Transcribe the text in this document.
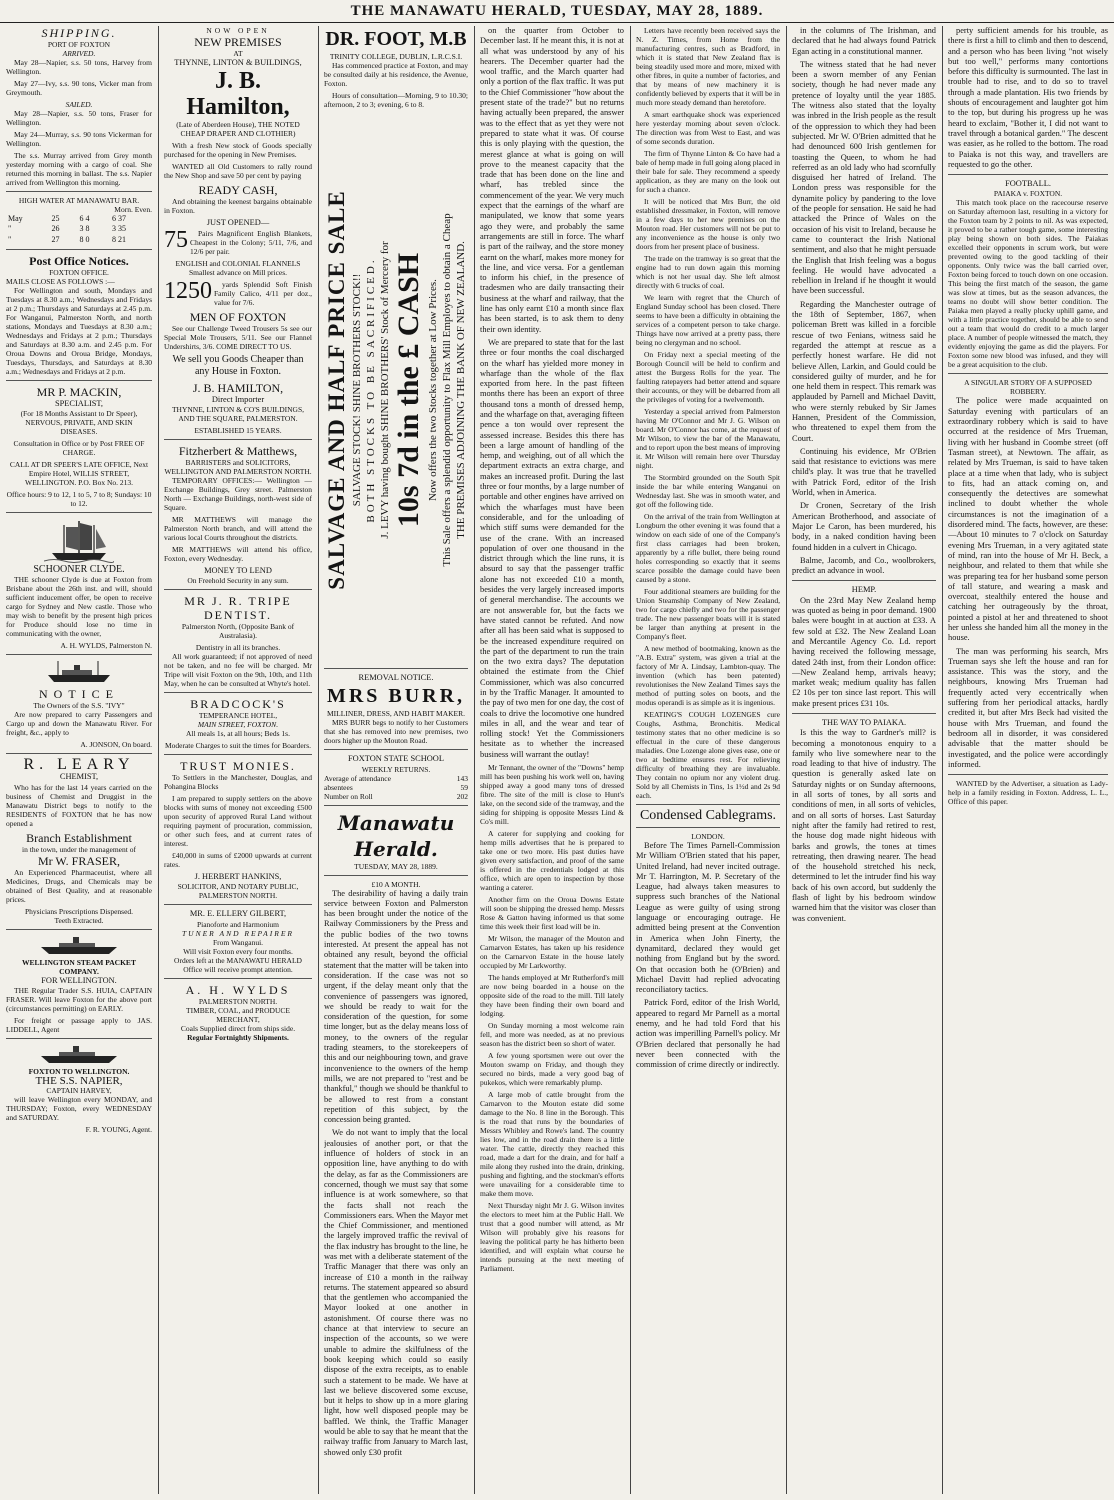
THE MANAWATU HERALD, TUESDAY, MAY 28, 1889.
SHIPPING.
PORT OF FOXTON
ARRIVED.

May 28—Napier, s.s. 50 tons, Harvey from Wellington.

May 27—Ivy, s.s. 90 tons, Vicker man from Greymouth.

SAILED.

May 28—Napier, s.s. 50 tons, Fraser for Wellington.

May 24—Murray, s.s. 90 tons Vickerman for Wellington.

The s.s. Murray arrived from Grey month yesterday morning with a cargo of coal. She returned this morning in ballast. The s.s. Napier arrived from Wellington this morning.

HIGH WATER AT MANAWATU BAR.
Morn. Even.
May	25	6 4	6 37
"	26	3 8	3 35
"	27	8 0	8 21
Post Office Notices.
FOXTON OFFICE.
MAILS CLOSE AS FOLLOWS :—

For Wellington and south, Mondays and Tuesdays at 8.30 a.m.; Wednesdays and Fridays at 2 p.m.; Thursdays and Saturdays at 2.45 p.m. For Wanganui, Palmerston North, and north stations, Mondays and Tuesdays at 8.30 a.m.; Wednesdays and Fridays at 2 p.m.; Thursdays and Saturdays at 8.30 a.m. and 2.45 p.m. For Oroua Downs and Oroua Bridge, Mondays, Tuesdays, Thursdays, and Saturdays at 8.30 a.m.; Wednesdays and Fridays at 2 p.m.

MR P. MACKIN,
SPECIALIST,

(For 18 Months Assistant to Dr Speer), NERVOUS, PRIVATE, AND SKIN DISEASES.

Consultation in Office or by Post FREE OF CHARGE.

CALL AT DR SPEER'S LATE OFFICE, Next Empire Hotel, WILLIS STREET, WELLINGTON. P.O. Box No. 213.

Office hours: 9 to 12, 1 to 5, 7 to 8; Sundays: 10 to 12.

SCHOONER CLYDE.

THE schooner Clyde is due at Foxton from Brisbane about the 26th inst. and will, should sufficient inducement offer, be open to receive cargo for Sydney and New castle. Those who may wish to benefit by the present high prices for Produce should lose no time in communicating with the owner,

A. H. WYLDS, Palmerston N.
NOTICE
The Owners of the S.S. "IVY"

Are now prepared to carry Passengers and Cargo up and down the Manawatu River. For freight, &c., apply to

A. JONSON, On board.
R. LEARY
CHEMIST,

Who has for the last 14 years carried on the business of Chemist and Druggist in the Manawatu District begs to notify to the RESIDENTS of FOXTON that he has now opened a

Branch Establishment
in the town, under the management of
Mr W. FRASER,

An Experienced Pharmaceutist, where all Medicines, Drugs, and Chemicals may be obtained of Best Quality, and at reasonable prices.

Physicians Prescriptions Dispensed.
Teeth Extracted.
WELLINGTON STEAM PACKET COMPANY.
FOR WELLINGTON.

THE Regular Trader S.S. HUIA, CAPTAIN FRASER. Will leave Foxton for the above port (circumstances permitting) on EARLY.

For freight or passage apply to JAS. LIDDELL, Agent

FOXTON TO WELLINGTON.
THE S.S. NAPIER,
CAPTAIN HARVEY,

will leave Wellington every MONDAY, and THURSDAY; Foxton, every WEDNESDAY and SATURDAY.

F. R. YOUNG, Agent.
NOW OPEN
NEW PREMISES
AT
THYNNE, LINTON & BUILDINGS,
J. B. Hamilton,

(Late of Aberdeen House), THE NOTED CHEAP DRAPER AND CLOTHIER)

With a fresh New stock of Goods specially purchased for the opening in New Premises.

WANTED all Old Customers to rally round the New Shop and save 50 per cent by paying

READY CASH,

And obtaining the keenest bargains obtainable in Foxton.

JUST OPENED—
75	Pairs Magnificent English Blankets, Cheapest in the Colony; 5/11, 7/6, and 12/6 per pair.

ENGLISH and COLONIAL FLANNELS Smallest advance on Mill prices.

1250	yards Splendid Soft Finish Family Calico, 4/11 per doz., value for 7/6.

MEN OF FOXTON

See our Challenge Tweed Trousers 5s see our Special Mole Trousers, 5/11. See our Flannel Undershirts, 3/6. COME DIRECT TO US.

We sell you Goods Cheaper than any House in Foxton.

J. B. HAMILTON,
Direct Importer

THYNNE, LINTON & CO'S BUILDINGS, AND THE SQUARE, PALMERSTON.

ESTABLISHED 15 YEARS.
Fitzherbert & Matthews,
BARRISTERS and SOLICITORS,
WELLINGTON AND PALMERSTON NORTH.

TEMPORARY OFFICES:— Wellington — Exchange Buildings, Grey street. Palmerston North — Exchange Buildings, north-west side of Square.

MR MATTHEWS will manage the Palmerston North branch, and will attend the various local Courts throughout the districts.

MR MATTHEWS will attend his office, Foxton, every Wednesday.

MONEY TO LEND
On Freehold Security in any sum.
MR J. R. TRIPE
DENTIST.

Palmerston North, (Opposite Bank of Australasia).

Dentistry in all its branches.

All work guaranteed; if not approved of need not be taken, and no fee will be charged. Mr Tripe will visit Foxton on the 9th, 10th, and 11th May, when he can be consulted at Whyte's hotel.

BRADCOCK'S
TEMPERANCE HOTEL,
MAIN STREET, FOXTON.

All meals 1s, at all hours; Beds 1s.

Moderate Charges to suit the times for Boarders.

TRUST MONIES.

To Settlers in the Manchester, Douglas, and Pohangina Blocks

I am prepared to supply settlers on the above blocks with sums of money not exceeding £500 upon security of approved Rural Land without requiring payment of procuration, commission, or other such fees, and at current rates of interest.

£40,000 in sums of £2000 upwards at current rates.

J. HERBERT HANKINS,
SOLICITOR, AND NOTARY PUBLIC, PALMERSTON NORTH.
MR. E. ELLERY GILBERT,
Pianoforte and Harmonium
TUNER AND REPAIRER
From Wanganui.
Will visit Foxton every four months.

Orders left at the MANAWATU HERALD Office will receive prompt attention.

A. H. WYLDS
PALMERSTON NORTH.
TIMBER, COAL, and PRODUCE MERCHANT,
Coals Supplied direct from ships side.
Regular Fortnightly Shipments.
DR. FOOT, M.B
TRINITY COLLEGE, DUBLIN, L.R.C.S.I.

Has commenced practice at Foxton, and may be consulted daily at his residence, the Avenue, Foxton.

Hours of consultation—Morning, 9 to 10.30; afternoon, 2 to 3; evening, 6 to 8.

SALVAGE AND HALF PRICE SALE SALVAGE STOCK! SHINE BROTHERS STOCK!! BOTH STOCKS TO BE SACRIFICED. J. LEVY having bought SHINE BROTHERS' Stock of Mercery for 10s 7d in the £ CASH Now offers the two Stocks together at Low Prices. This Sale offers a splendid opportunity to Flax Mill Employes to obtain a Cheap THE PREMISES ADJOINING THE BANK OF NEW ZEALAND.
REMOVAL NOTICE.
MRS BURR,
MILLINER, DRESS, AND HABIT MAKER.

MRS BURR begs to notify to her Customers that she has removed into new premises, two doors higher up the Mouton Road.

FOXTON STATE SCHOOL
WEEKLY RETURNS.
Average of attendance	143
absentees	59
Number on Roll	202
Manawatu Herald.
TUESDAY, MAY 28, 1889.
£10 A MONTH.

The desirability of having a daily train service between Foxton and Palmerston has been brought under the notice of the Railway Commissioners by the Press and the public bodies of the two towns interested. At present the appeal has not obtained any result, beyond the official statement that the matter will be taken into consideration. If the case was not so urgent, if the delay meant only that the convenience of passengers was ignored, we should be ready to wait for the consideration of the question, for some time longer, but as the delay means loss of money, to the owners of the regular trading steamers, to the storekeepers of this and our neighbouring town, and grave inconvenience to the owners of the hemp mills, we are not prepared to "rest and be thankful," though we should be thankful to be allowed to rest from a constant repetition of this subject, by the concession being granted.

We do not want to imply that the local jealousies of another port, or that the influence of holders of stock in an opposition line, have anything to do with the delay, as far as the Commissioners are concerned, though we must say that some influence is at work somewhere, so that the facts shall not reach the Commissioners ears. When the Mayor met the Chief Commissioner, and mentioned the largely improved traffic the revival of the flax industry has brought to the line, he was met with a deliberate statement of the Traffic Manager that there was only an increase of £10 a month in the railway returns. The statement appeared so absurd that the gentlemen who accompanied the Mayor looked at one another in astonishment. Of course there was no chance at that interview to secure an inspection of the accounts, so we were unable to admire the skilfulness of the book keeping which could so easily dispose of the extra receipts, as to enable such a statement to be made. We have at last we believe discovered some excuse, but it helps to show up in a more glaring light, how well disposed people may be baffled. We think, the Traffic Manager would be able to say that he meant that the railway traffic from January to March last, showed only £30 profit

on the quarter from October to December last. If he meant this, it is not at all what was understood by any of his hearers. The December quarter had the wool traffic, and the March quarter had only a portion of the flax traffic. It was put to the Chief Commissioner "how about the present state of the trade?" but no returns having actually been prepared, the answer was to the effect that as yet they were not prepared to state what it was. Of course this is only playing with the question, the merest glance at what is going on will prove to the meanest capacity that the trade that has been done on the line and wharf, has trebled since the commencement of the year. We very much expect that the earnings of the wharf are manipulated, we know that some years ago they were, and probably the same arrangements are still in force. The wharf is part of the railway, and the store money earnt on the wharf, makes more money for the line, and vice versa. For a gentleman to inform his chief, in the presence of tradesmen who are daily transacting their business at the wharf and railway, that the line has only earnt £10 a month since flax has been started, is to ask them to deny their own identity.

We are prepared to state that for the last three or four months the coal discharged on the wharf has yielded more money in wharfage than the whole of the flax exported from here. In the past fifteen months there has been an export of three thousand tons a month of dressed hemp, and the wharfage on that, averaging fifteen pence a ton would over represent the assessed increase. Besides this there has been a large amount of handling of the hemp, and weighing, out of all which the department extracts an extra charge, and makes an increased profit. During the last three or four months, by a large number of portable and other engines have arrived on which the wharfages must have been considerable, and for the unloading of which stiff sums were demanded for the use of the crane. With an increased population of over one thousand in the district through which the line runs, it is absurd to say that the passenger traffic alone has not exceeded £10 a month, besides the very largely increased imports of general merchandise. The accounts we are not answerable for, but the facts we have stated cannot be refuted. And now after all has been said what is supposed to be the increased expenditure required on the part of the department to run the train on the two extra days? The deputation obtained the estimate from the Chief Commissioner, which was also concurred in by the Traffic Manager. It amounted to the pay of two men for one day, the cost of coals to drive the locomotive one hundred miles in all, and the wear and tear of rolling stock! Yet the Commissioners hesitate as to whether the increased business will warrant the outlay!

Mr Tennant, the owner of the "Downs" hemp mill has been pushing his work well on, having shipped away a good many tons of dressed fibre. The site of the mill is close to Hunt's lake, on the second side of the tramway, and the siding for shipping is opposite Messrs Lind & Co's mill.

A caterer for supplying and cooking for hemp mills advertises that he is prepared to take one or two more. His past duties have given every satisfaction, and proof of the same is offered in the credentials lodged at this office, which are open to inspection by those wanting a caterer.

Another firm on the Oroua Downs Estate will soon be shipping the dressed hemp. Messrs Rose & Gatton having informed us that some time this week their first load will be in.

Mr Wilson, the manager of the Mouton and Carnarvon Estates, has taken up his residence on the Carnarvon Estate in the house lately occupied by Mr Larkworthy.

The hands employed at Mr Rutherford's mill are now being boarded in a house on the opposite side of the road to the mill. Till lately they have been finding their own board and lodging.

On Sunday morning a most welcome rain fell, and more was needed, as at no previous season has the district been so short of water.

A few young sportsmen were out over the Mouton swamp on Friday, and though they secured no birds, made a very good bag of pukekos, which were remarkably plump.

A large mob of cattle brought from the Carnarvon to the Mouton estate did some damage to the No. 8 line in the Borough. This is the road that runs by the boundaries of Messrs Whibley and Rowe's land. The country lies low, and in the road drain there is a little water. The cattle, directly they reached this road, made a dart for the drain, and for half a mile along they rushed into the drain, drinking, pushing and fighting, and the stockman's efforts were unavailing for a considerable time to make them move.

Next Thursday night Mr J. G. Wilson invites the electors to meet him at the Public Hall. We trust that a good number will attend, as Mr Wilson will probably give his reasons for leaving the political party he has hitherto been identified, and will explain what course he intends pursuing at the next meeting of Parliament.

Letters have recently been received says the N. Z. Times, from Home from the manufacturing centres, such as Bradford, in which it is stated that New Zealand flax is being steadily used more and more, mixed with other fibres, in quite a number of factories, and that by means of new machinery it is confidently believed by experts that it will be in much more steady demand than heretofore.

A smart earthquake shock was experienced here yesterday morning about seven o'clock. The direction was from West to East, and was of some seconds duration.

The firm of Thynne Linton & Co have had a bale of hemp made in full going along placed in their bale for sale. They recommend a speedy application, as they are many on the look out for such a chance.

It will be noticed that Mrs Burr, the old established dressmaker, in Foxton, will remove in a few days to her new premises on the Mouton road. Her customers will not be put to any inconvenience as the house is only two doors from her present place of business.

The trade on the tramway is so great that the engine had to run down again this morning which is not her usual day. She left almost directly with 6 trucks of coal.

We learn with regret that the Church of England Sunday school has been closed. There seems to have been a difficulty in obtaining the services of a competent person to take charge. Things have now arrived at a pretty pass, there being no clergyman and no school.

On Friday next a special meeting of the Borough Council will be held to confirm and attest the Burgess Rolls for the year. The faulting ratepayers had better attend and square their accounts, or they will be debarred from all the privileges of voting for a twelvemonth.

Yesterday a special arrived from Palmerston having Mr O'Connor and Mr J. G. Wilson on board. Mr O'Connor has come, at the request of Mr Wilson, to view the bar of the Manawatu, and to report upon the best means of improving it. Mr Wilson will remain here over Thursday night.

The Stormbird grounded on the South Spit inside the bar while entering Wanganui on Wednesday last. She was in smooth water, and got off the following tide.

On the arrival of the train from Wellington at Longburn the other evening it was found that a window on each side of one of the Company's first class carriages had been broken, apparently by a rifle bullet, there being round holes corresponding so exactly that it seems scarce possible the damage could have been caused by a stone.

Four additional steamers are building for the Union Steamship Company of New Zealand, two for cargo chiefly and two for the passenger trade. The new passenger boats will it is stated be larger than anything at present in the Company's fleet.

A new method of bootmaking, known as the "A.B. Extra" system, was given a trial at the factory of Mr A. Lindsay, Lambton-quay. The invention (which has been patented) revolutionises the New Zealand Times says the method of putting soles on boots, and the modus operandi is as simple as it is ingenious.

KEATING'S COUGH LOZENGES cure Coughs, Asthma, Bronchitis. Medical testimony states that no other medicine is so effectual in the cure of these dangerous maladies. One Lozenge alone gives ease, one or two at bedtime ensures rest. For relieving difficulty of breathing they are invaluable. They contain no opium nor any violent drug. Sold by all Chemists in Tins, 1s 1½d and 2s 9d each.

Condensed Cablegrams.
LONDON.

Before The Times Parnell-Commission Mr William O'Brien stated that his paper, United Ireland, had never incited outrage. Mr T. Harrington, M. P. Secretary of the League, had always taken measures to suppress such branches of the National League as were guilty of using strong language or encouraging outrage. He admitted being present at the Convention in America when John Finerty, the dynamitard, declared they would get nothing from England but by the sword. On that occasion both he (O'Brien) and Michael Davitt had replied advocating reconciliatory tactics.

Patrick Ford, editor of the Irish World, appeared to regard Mr Parnell as a mortal enemy, and he had told Ford that his action was imperilling Parnell's policy. Mr O'Brien declared that personally he had never been connected with the commission of crime directly or indirectly.

in the columns of The Irishman, and declared that he had always found Patrick Egan acting in a constitutional manner.

The witness stated that he had never been a sworn member of any Fenian society, though he had never made any pretence of loyalty until the year 1885. The witness also stated that the loyalty was inbred in the Irish people as the result of the oppression to which they had been subjected. Mr W. O'Brien admitted that he had denounced 600 Irish gentlemen for toasting the Queen, to whom he had referred as an old lady who had scornfully disguised her hatred of Ireland. The London press was responsible for the dynamite policy by pandering to the love of the people for sensation. He said he had attacked the Prince of Wales on the occasion of his visit to Ireland, because he came to counteract the Irish National sentiment, and also that he might persuade the English that Irish feeling was a bogus feeling. He would have advocated a rebellion in Ireland if he thought it would have been successful.

Regarding the Manchester outrage of the 18th of September, 1867, when policeman Brett was killed in a forcible rescue of two Fenians, witness said he regarded the attempt at rescue as a perfectly honest warfare. He did not believe Allen, Larkin, and Gould could be considered guilty of murder, and he for one held them in respect. This remark was applauded by Parnell and Michael Davitt, who were sternly rebuked by Sir James Hannen, President of the Commission, who threatened to expel them from the Court.

Continuing his evidence, Mr O'Brien said that resistance to evictions was mere child's play. It was true that he travelled with Patrick Ford, editor of the Irish World, when in America.

Dr Cronen, Secretary of the Irish American Brotherhood, and associate of Major Le Caron, has been murdered, his body, in a naked condition having been found hidden in a culvert in Chicago.

Balme, Jacomb, and Co., woolbrokers, predict an advance in wool.

HEMP.

On the 23rd May New Zealand hemp was quoted as being in poor demand. 1900 bales were bought in at auction at £33. A few sold at £32. The New Zealand Loan and Mercantile Agency Co. Ld. report having received the following message, dated 24th inst, from their London office:—New Zealand hemp, arrivals heavy; market weak; medium quality has fallen £2 10s per ton since last report. This will make present prices £31 10s.

THE WAY TO PAIAKA.

Is this the way to Gardner's mill? is becoming a monotonous enquiry to a family who live somewhere near to the road leading to that hive of industry. The question is generally asked late on Saturday nights or on Sunday afternoons, in all sorts of tones, by all sorts and conditions of men, in all sorts of vehicles, and on all sorts of horses. Last Saturday night after the family had retired to rest, the house dog made night hideous with barks and growls, the tones at times retreating, then drawing nearer. The head of the household stretched his neck, determined to let the intruder find his way back of his own accord, but suddenly the flash of light by his bedroom window warned him that the visitor was closer than was convenient.

perty sufficient amends for his trouble, as there is first a hill to climb and then to descend, and a person who has been living "not wisely but too well," performs many contortions before this difficulty is surmounted. The last in trouble had to rise, and to do so to travel through a made plantation. His two friends by shouts of encouragement and laughter got him to the top, but during his progress up he was heard to exclaim, "Bother it, I did not want to travel through a botanical garden." The descent was easier, as he rolled to the bottom. The road to Paiaka is not this way, and travellers are requested to go the other.

FOOTBALL.
PAIAKA v. FOXTON.

This match took place on the racecourse reserve on Saturday afternoon last, resulting in a victory for the Foxton team by 2 points to nil. As was expected, it proved to be a rather tough game, some interesting play being shown on both sides. The Paiakas excelled their opponents in scrum work, but were prevented owing to the good tackling of their opponents. Only twice was the ball carried over, Foxton being forced to touch down on one occasion. This being the first match of the season, the game was slow at times, but as the season advances, the teams no doubt will show better condition. The Paiaka men played a really plucky uphill game, and with a little practice together, should be able to send out a team that would do credit to a much larger place. A number of people witnessed the match, they evidently enjoying the game as did the players. For Foxton some new blood was infused, and they will be a great acquisition to the club.

A SINGULAR STORY OF A SUPPOSED ROBBERY.

The police were made acquainted on Saturday evening with particulars of an extraordinary robbery which is said to have occurred at the residence of Mrs Trueman, living with her husband in Coombe street (off Tasman street), at Newtown. The affair, as related by Mrs Trueman, is said to have taken place at a time when that lady, who is subject to fits, had an attack coming on, and consequently the detectives are somewhat inclined to doubt whether the whole circumstances is not the imagination of a disordered mind. The facts, however, are these:—About 10 minutes to 7 o'clock on Saturday evening Mrs Trueman, in a very agitated state of mind, ran into the house of Mr H. Beck, a neighbour, and related to them that while she was preparing tea for her husband some person of tall stature, and wearing a mask and overcoat, stealthily entered the house and catching her outrageously by the throat, pointed a pistol at her and threatened to shoot her unless she handed him all the money in the house.

The man was performing his search, Mrs Trueman says she left the house and ran for assistance. This was the story, and the neighbours, knowing Mrs Trueman had frequently acted very eccentrically when suffering from her periodical attacks, hardly credited it, but after Mrs Beck had visited the house with Mrs Trueman, and found the bedroom all in disorder, it was considered advisable that the matter should be investigated, and the police were accordingly informed.

WANTED by the Advertiser, a situation as Lady-help in a family residing in Foxton. Address, L. L., Office of this paper.
